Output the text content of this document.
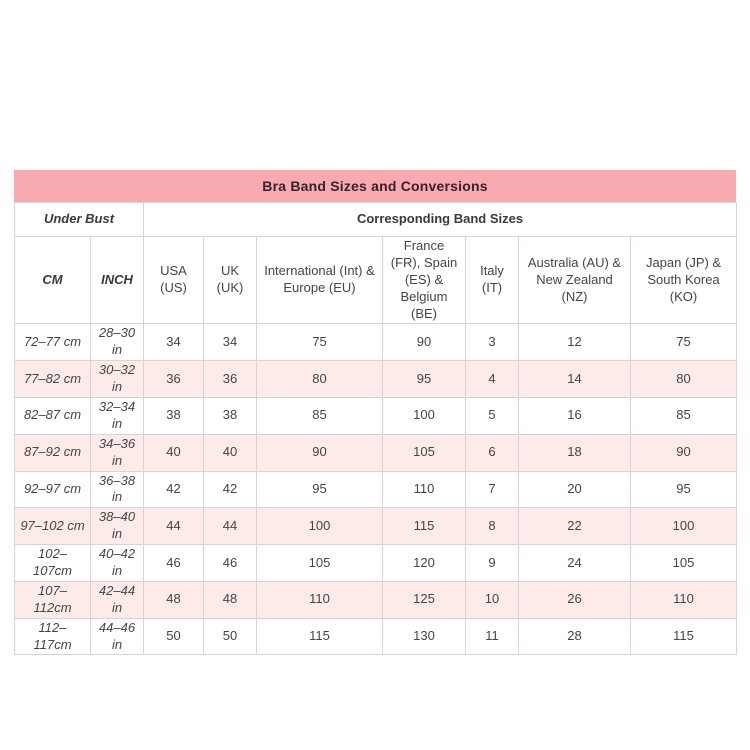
Bra Band Sizes and Conversions
Under Bust		Corresponding Band Sizes						
CM	INCH	USA (US)	UK (UK)	International (Int) & Europe (EU)	France (FR), Spain (ES) & Belgium (BE)	Italy (IT)	Australia (AU) & New Zealand (NZ)	Japan (JP) & South Korea (KO)
72–77 cm	28–30 in	34	34	75	90	3	12	75
77–82 cm	30–32 in	36	36	80	95	4	14	80
82–87 cm	32–34 in	38	38	85	100	5	16	85
87–92 cm	34–36 in	40	40	90	105	6	18	90
92–97 cm	36–38 in	42	42	95	110	7	20	95
97–102 cm	38–40 in	44	44	100	115	8	22	100
102–107cm	40–42 in	46	46	105	120	9	24	105
107–112cm	42–44 in	48	48	110	125	10	26	110
112–117cm	44–46 in	50	50	115	130	11	28	115
